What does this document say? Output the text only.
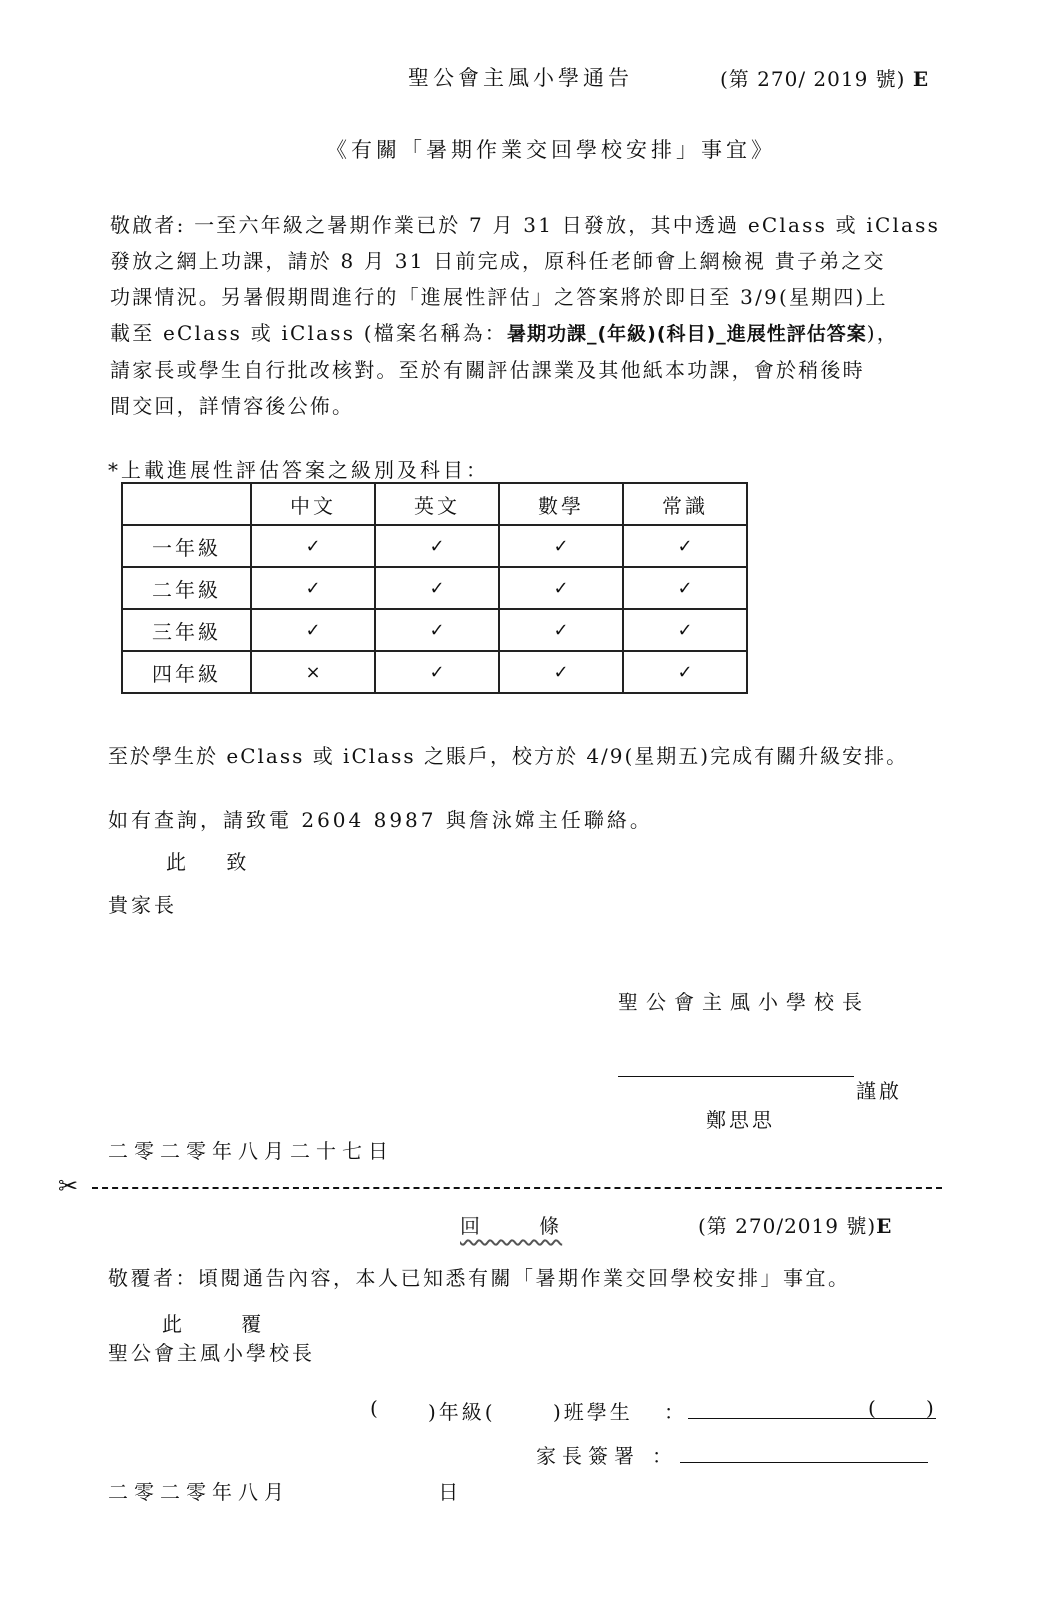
聖公會主風小學通告	(第 270/ 2019 號) E
《有關「暑期作業交回學校安排」事宜》

敬啟者: 一至六年級之暑期作業已於 7 月 31 日發放，其中透過 eClass 或 iClass

發放之網上功課，請於 8 月 31 日前完成，原科任老師會上網檢視 貴子弟之交

功課情況。另暑假期間進行的「進展性評估」之答案將於即日至 3/9(星期四)上

載至 eClass 或 iClass (檔案名稱為：暑期功課_(年級)(科目)_進展性評估答案)，

請家長或學生自行批改核對。至於有關評估課業及其他紙本功課，會於稍後時

間交回，詳情容後公佈。

*上載進展性評估答案之級別及科目：
	中文	英文	數學	常識
一年級	✓	✓	✓	✓
二年級	✓	✓	✓	✓
三年級	✓	✓	✓	✓
四年級	×	✓	✓	✓
至於學生於 eClass 或 iClass 之賬戶，校方於 4/9(星期五)完成有關升級安排。
如有查詢，請致電 2604 8987 與詹泳嫦主任聯絡。
此    致
貴家長
聖公會主風小學校長
謹啟
鄭思思
二零二零年八月二十七日
✂
回      條	(第 270/2019 號)E
敬覆者：頃閱通告內容，本人已知悉有關「暑期作業交回學校安排」事宜。
此      覆
聖公會主風小學校長
( )年級(	)班學生 ：	( )
家長簽署 ：
二零二零年八月            日
